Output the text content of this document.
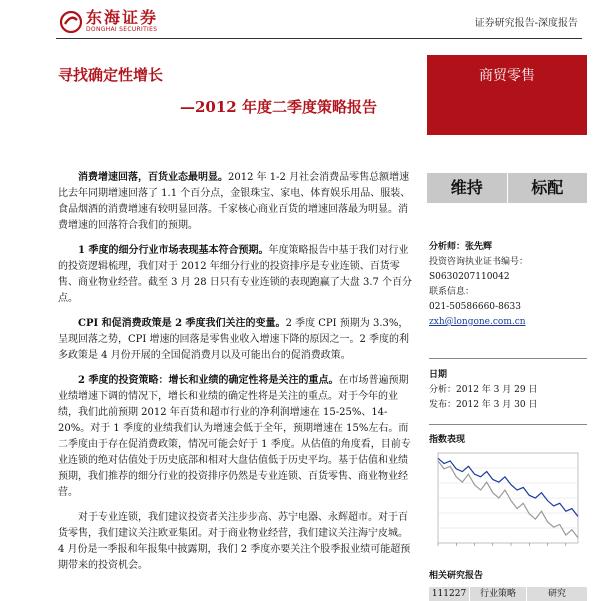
东海证券
DONGHAI SECURITIES
证券研究报告-深度报告
寻找确定性增长
—2012 年度二季度策略报告
商贸零售
维持	标配

消费增速回落，百货业态最明显。2012 年 1-2 月社会消费品零售总额增速比去年同期增速回落了 1.1 个百分点，金银珠宝、家电、体育娱乐用品、服装、食品烟酒的消费增速有较明显回落。千家核心商业百货的增速回落最为明显。消费增速的回落符合我们的预期。

1 季度的细分行业市场表现基本符合预期。年度策略报告中基于我们对行业的投资逻辑梳理，我们对于 2012 年细分行业的投资排序是专业连锁、百货零售、商业物业经营。截至 3 月 28 日只有专业连锁的表现跑赢了大盘 3.7 个百分点。

CPI 和促消费政策是 2 季度我们关注的变量。2 季度 CPI 预期为 3.3%，呈现回落之势，CPI 增速的回落是零售业收入增速下降的原因之一。2 季度的利多政策是 4 月份开展的全国促消费月以及可能出台的促消费政策。

2 季度的投资策略：增长和业绩的确定性将是关注的重点。在市场普遍预期业绩增速下调的情况下，增长和业绩的确定性将是关注的重点。对于今年的业绩，我们此前预期 2012 年百货和超市行业的净利润增速在 15-25%、14-20%。对于 1 季度的业绩我们认为增速会低于全年，预期增速在 15%左右。而二季度由于存在促消费政策，情况可能会好于 1 季度。从估值的角度看，目前专业连锁的绝对估值处于历史底部和相对大盘估值低于历史平均。基于估值和业绩预期，我们推荐的细分行业的投资排序仍然是专业连锁、百货零售、商业物业经营。

对于专业连锁，我们建议投资者关注步步高、苏宁电器、永辉超市。对于百货零售，我们建议关注欧亚集团。对于商业物业经营，我们建议关注海宁皮城。4 月份是一季报和年报集中披露期，我们 2 季度亦要关注个股季报业绩可能超预期带来的投资机会。

分析师：张先辉
投资咨询执业证书编号：
S0630207110042
联系信息：
021-50586660-8633
zxh@longone.com.cn
日期
分析：2012 年 3 月 29 日
发布：2012 年 3 月 30 日
指数表现
相关研究报告
111227	行业策略	研究
